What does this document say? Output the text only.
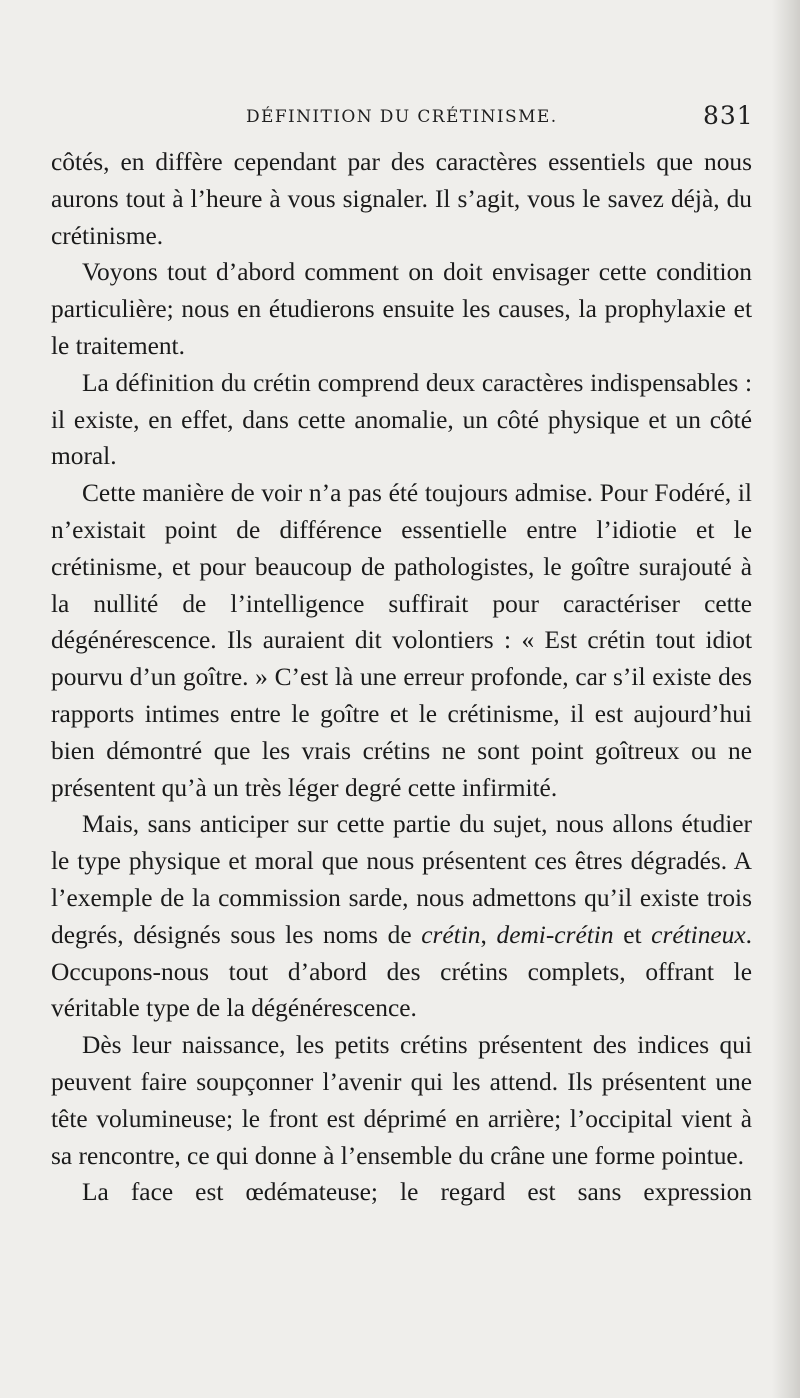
DÉFINITION DU CRÉTINISME.	831

côtés, en diffère cependant par des caractères essentiels que nous aurons tout à l’heure à vous signaler. Il s’agit, vous le savez déjà, du crétinisme.

Voyons tout d’abord comment on doit envisager cette condition particulière; nous en étudierons ensuite les causes, la prophylaxie et le traitement.

La définition du crétin comprend deux caractères indispensables : il existe, en effet, dans cette anomalie, un côté physique et un côté moral.

Cette manière de voir n’a pas été toujours admise. Pour Fodéré, il n’existait point de différence essentielle entre l’idiotie et le crétinisme, et pour beaucoup de pathologistes, le goître surajouté à la nullité de l’intelligence suffirait pour caractériser cette dégénérescence. Ils auraient dit volontiers : « Est crétin tout idiot pourvu d’un goître. » C’est là une erreur profonde, car s’il existe des rapports intimes entre le goître et le crétinisme, il est aujourd’hui bien démontré que les vrais crétins ne sont point goîtreux ou ne présentent qu’à un très léger degré cette infirmité.

Mais, sans anticiper sur cette partie du sujet, nous allons étudier le type physique et moral que nous présentent ces êtres dégradés. A l’exemple de la commission sarde, nous admettons qu’il existe trois degrés, désignés sous les noms de crétin, demi-crétin et crétineux. Occupons-nous tout d’abord des crétins complets, offrant le véritable type de la dégénérescence.

Dès leur naissance, les petits crétins présentent des indices qui peuvent faire soupçonner l’avenir qui les attend. Ils présentent une tête volumineuse; le front est déprimé en arrière; l’occipital vient à sa rencontre, ce qui donne à l’ensemble du crâne une forme pointue.

La face est œdémateuse; le regard est sans expression
